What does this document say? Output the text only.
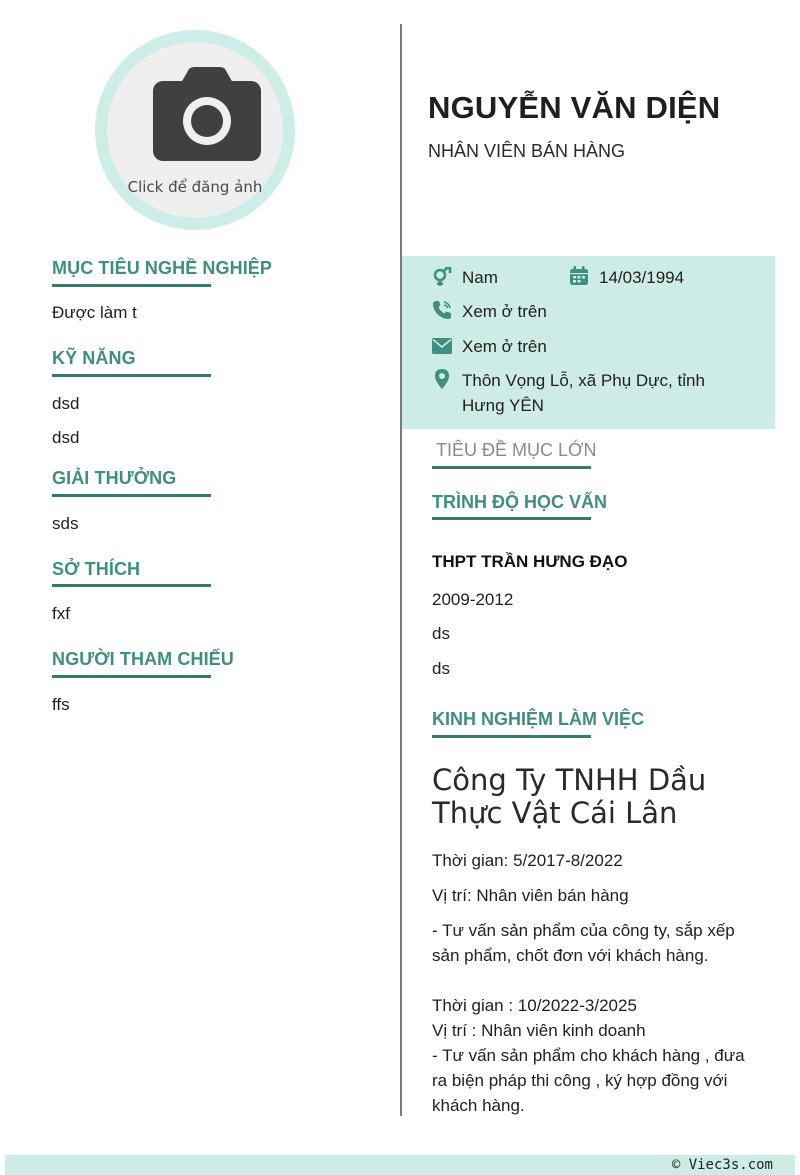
Click để đăng ảnh
MỤC TIÊU NGHỀ NGHIỆP
Được làm t
KỸ NĂNG
dsd
dsd
GIẢI THƯỞNG
sds
SỞ THÍCH
fxf
NGƯỜI THAM CHIẾU
ffs
NGUYỄN VĂN DIỆN
NHÂN VIÊN BÁN HÀNG
Nam	14/03/1994
Xem ở trên
Xem ở trên
Thôn Vọng Lỗ, xã Phụ Dực, tỉnh
Hưng YÊN
TIÊU ĐỀ MỤC LỚN
TRÌNH ĐỘ HỌC VẤN
THPT TRẦN HƯNG ĐẠO
2009-2012
ds
ds
KINH NGHIỆM LÀM VIỆC
Công Ty TNHH Dầu
Thực Vật Cái Lân
Thời gian: 5/2017-8/2022
Vị trí: Nhân viên bán hàng
- Tư vấn sản phẩm của công ty, sắp xếp
sản phẩm, chốt đơn với khách hàng.
Thời gian : 10/2022-3/2025
Vị trí : Nhân viên kinh doanh
- Tư vấn sản phẩm cho khách hàng , đưa
ra biện pháp thi công , ký hợp đồng với
khách hàng.
© Viec3s.com
